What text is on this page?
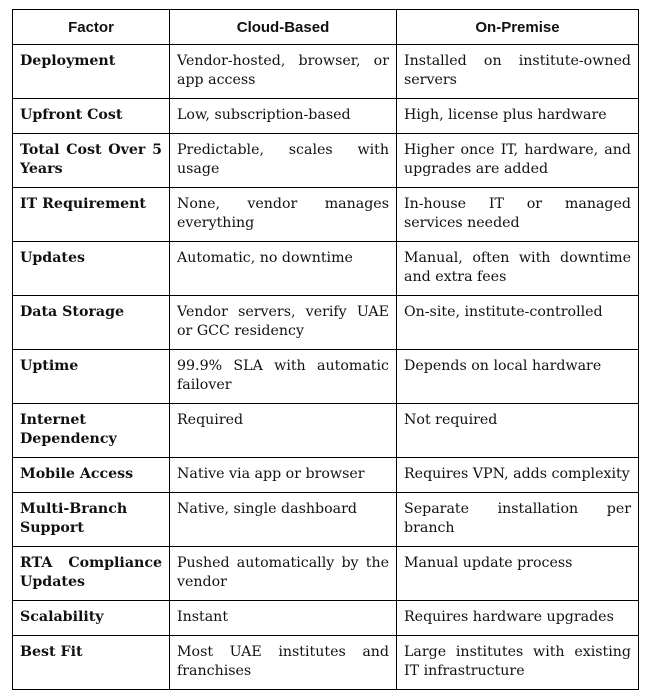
Factor	Cloud-Based	On-Premise
Deployment	Vendor-hosted, browser, or app access	Installed on institute-owned servers
Upfront Cost	Low, subscription-based	High, license plus hardware
Total Cost Over 5 Years	Predictable, scales with usage	Higher once IT, hardware, and upgrades are added
IT Requirement	None, vendor manages everything	In-house IT or managed services needed
Updates	Automatic, no downtime	Manual, often with downtime and extra fees
Data Storage	Vendor servers, verify UAE or GCC residency	On-site, institute-controlled
Uptime	99.9% SLA with automatic failover	Depends on local hardware
Internet Dependency	Required	Not required
Mobile Access	Native via app or browser	Requires VPN, adds complexity
Multi-Branch Support	Native, single dashboard	Separate installation per branch
RTA Compliance Updates	Pushed automatically by the vendor	Manual update process
Scalability	Instant	Requires hardware upgrades
Best Fit	Most UAE institutes and franchises	Large institutes with existing IT infrastructure
